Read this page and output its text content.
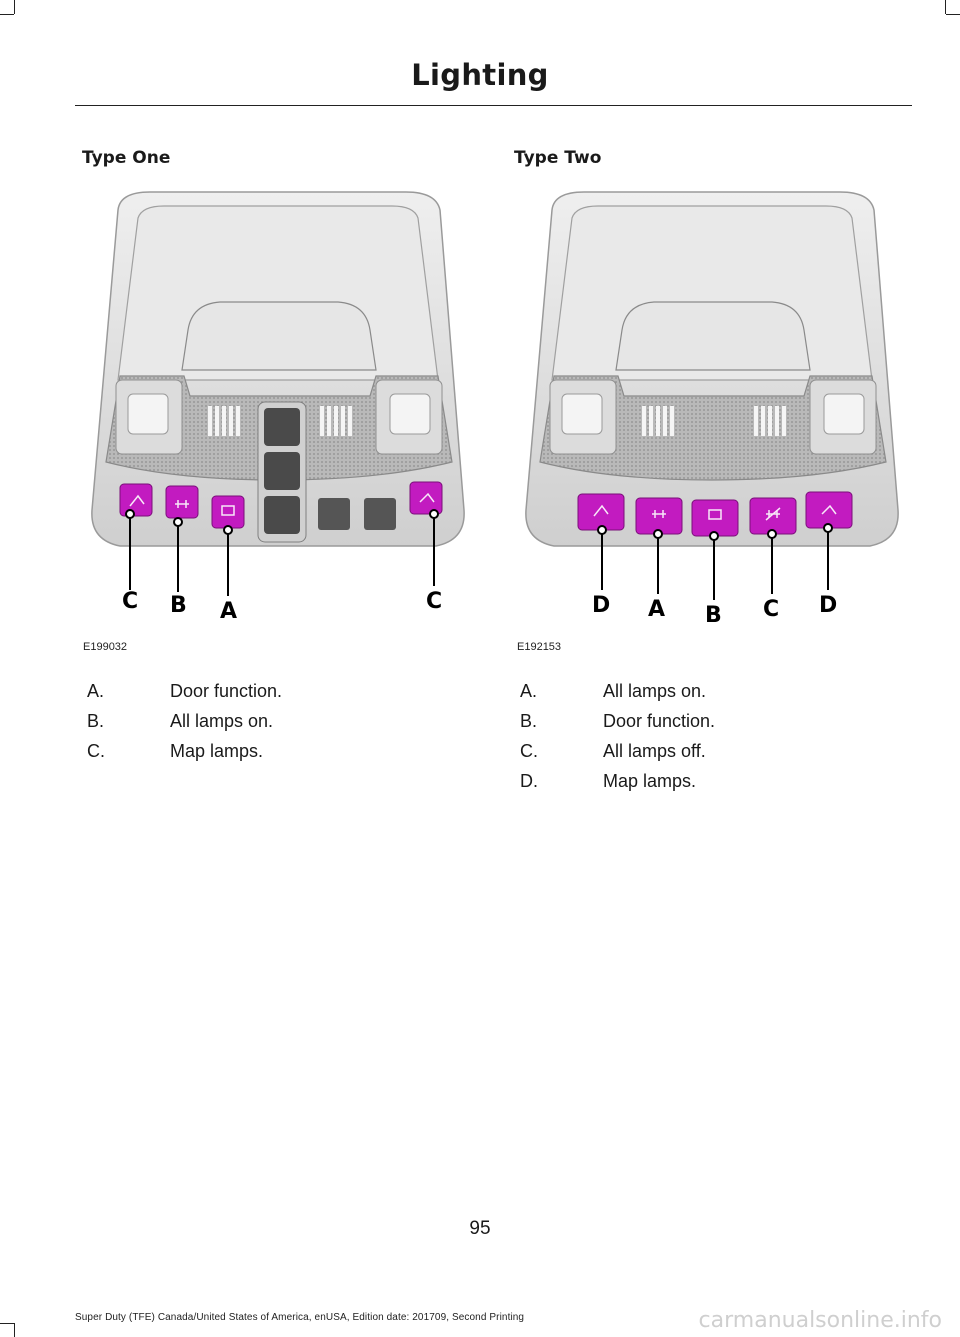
Lighting
Type One
C B A	C
E199032
A.	Door function.
B.	All lamps on.
C.	Map lamps.
Type Two
D A B C D
E192153
A.	All lamps on.
B.	Door function.
C.	All lamps off.
D.	Map lamps.
95
Super Duty (TFE) Canada/United States of America, enUSA, Edition date: 201709, Second Printing	carmanualsonline.info
